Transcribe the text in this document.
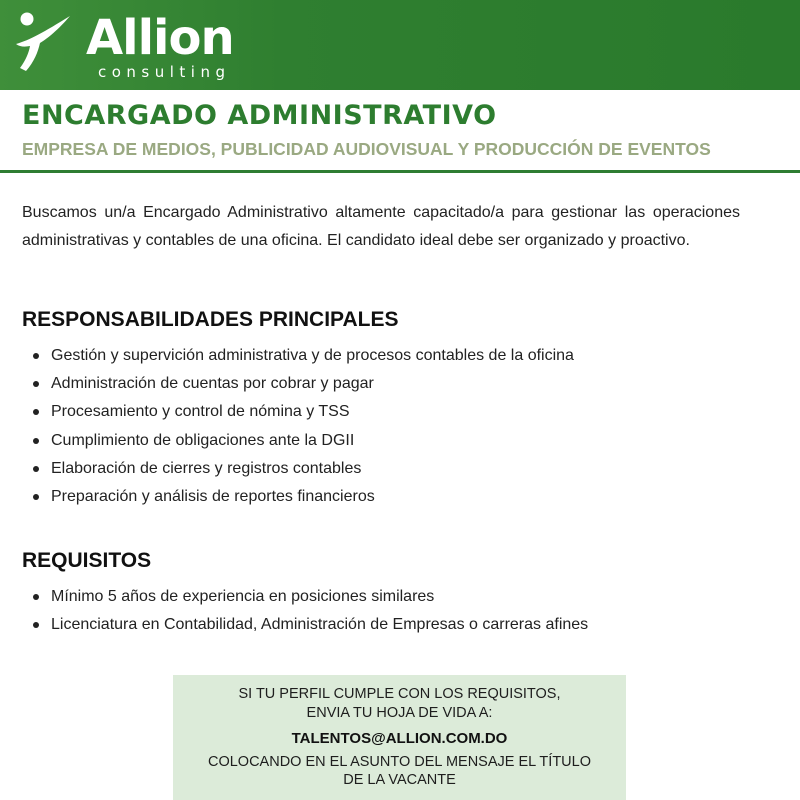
Allion
consulting
ENCARGADO ADMINISTRATIVO
EMPRESA DE MEDIOS, PUBLICIDAD AUDIOVISUAL Y PRODUCCIÓN DE EVENTOS

Buscamos un/a Encargado Administrativo altamente capacitado/a para gestionar las operaciones administrativas y contables de una oficina. El candidato ideal debe ser organizado y proactivo.

RESPONSABILIDADES PRINCIPALES
Gestión y supervición administrativa y de procesos contables de la oficina
Administración de cuentas por cobrar y pagar
Procesamiento y control de nómina y TSS
Cumplimiento de obligaciones ante la DGII
Elaboración de cierres y registros contables
Preparación y análisis de reportes financieros
REQUISITOS
Mínimo 5 años de experiencia en posiciones similares
Licenciatura en Contabilidad, Administración de Empresas o carreras afines
SI TU PERFIL CUMPLE CON LOS REQUISITOS,
ENVIA TU HOJA DE VIDA A:
TALENTOS@ALLION.COM.DO
COLOCANDO EN EL ASUNTO DEL MENSAJE EL TÍTULO
DE LA VACANTE
